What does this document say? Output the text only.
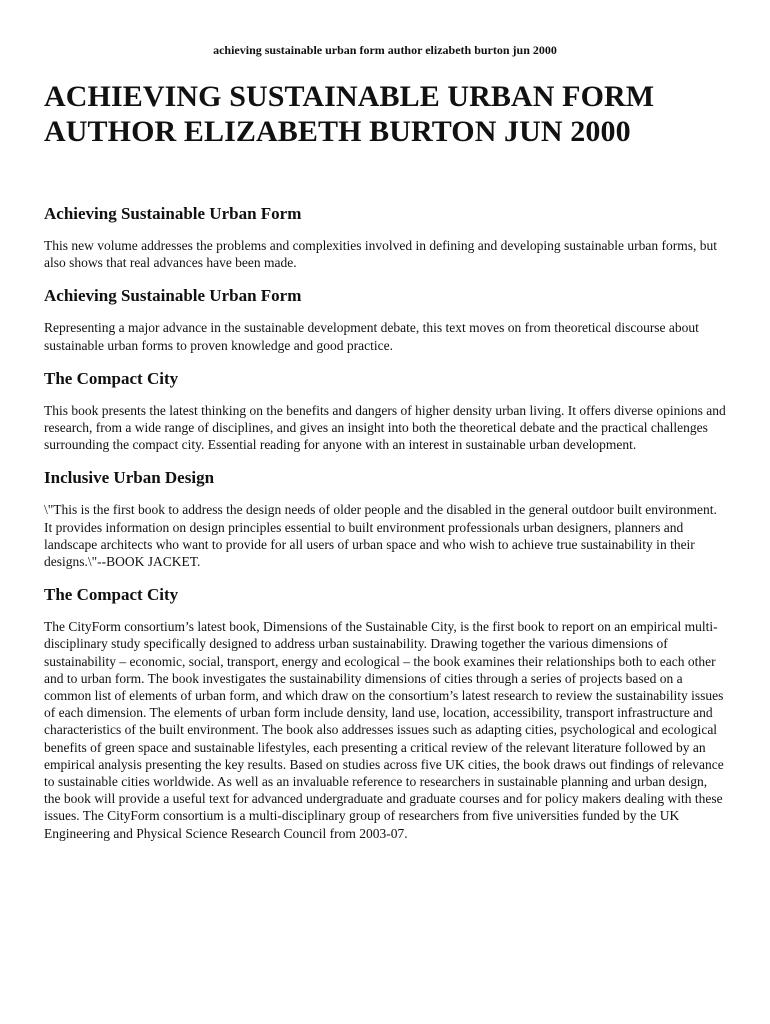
achieving sustainable urban form author elizabeth burton jun 2000

ACHIEVING SUSTAINABLE URBAN FORM
AUTHOR ELIZABETH BURTON JUN 2000
Achieving Sustainable Urban Form

This new volume addresses the problems and complexities involved in defining and developing sustainable urban forms, but also shows that real advances have been made.

Achieving Sustainable Urban Form

Representing a major advance in the sustainable development debate, this text moves on from theoretical discourse about sustainable urban forms to proven knowledge and good practice.

The Compact City

This book presents the latest thinking on the benefits and dangers of higher density urban living. It offers diverse opinions and research, from a wide range of disciplines, and gives an insight into both the theoretical debate and the practical challenges surrounding the compact city. Essential reading for anyone with an interest in sustainable urban development.

Inclusive Urban Design

\"This is the first book to address the design needs of older people and the disabled in the general outdoor built environment. It provides information on design principles essential to built environment professionals urban designers, planners and landscape architects who want to provide for all users of urban space and who wish to achieve true sustainability in their designs.\"--BOOK JACKET.

The Compact City

The CityForm consortium’s latest book, Dimensions of the Sustainable City, is the first book to report on an empirical multi-disciplinary study specifically designed to address urban sustainability. Drawing together the various dimensions of sustainability – economic, social, transport, energy and ecological – the book examines their relationships both to each other and to urban form. The book investigates the sustainability dimensions of cities through a series of projects based on a common list of elements of urban form, and which draw on the consortium’s latest research to review the sustainability issues of each dimension. The elements of urban form include density, land use, location, accessibility, transport infrastructure and characteristics of the built environment. The book also addresses issues such as adapting cities, psychological and ecological benefits of green space and sustainable lifestyles, each presenting a critical review of the relevant literature followed by an empirical analysis presenting the key results. Based on studies across five UK cities, the book draws out findings of relevance to sustainable cities worldwide. As well as an invaluable reference to researchers in sustainable planning and urban design, the book will provide a useful text for advanced undergraduate and graduate courses and for policy makers dealing with these issues. The CityForm consortium is a multi-disciplinary group of researchers from five universities funded by the UK Engineering and Physical Science Research Council from 2003-07.
